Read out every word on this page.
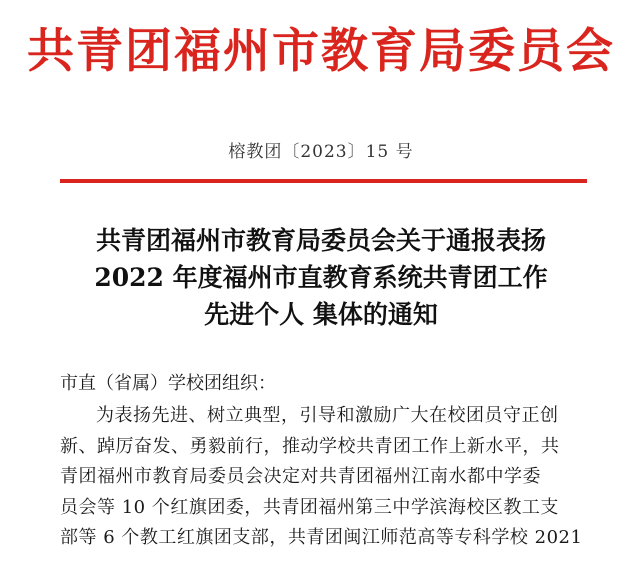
共青团福州市教育局委员会
榕教团〔2023〕15 号
共青团福州市教育局委员会关于通报表扬
2022 年度福州市直教育系统共青团工作
先进个人 集体的通知
市直（省属）学校团组织：
为表扬先进、树立典型，引导和激励广大在校团员守正创
新、踔厉奋发、勇毅前行，推动学校共青团工作上新水平，共
青团福州市教育局委员会决定对共青团福州江南水都中学委
员会等 10 个红旗团委，共青团福州第三中学滨海校区教工支
部等 6 个教工红旗团支部，共青团闽江师范高等专科学校 2021
